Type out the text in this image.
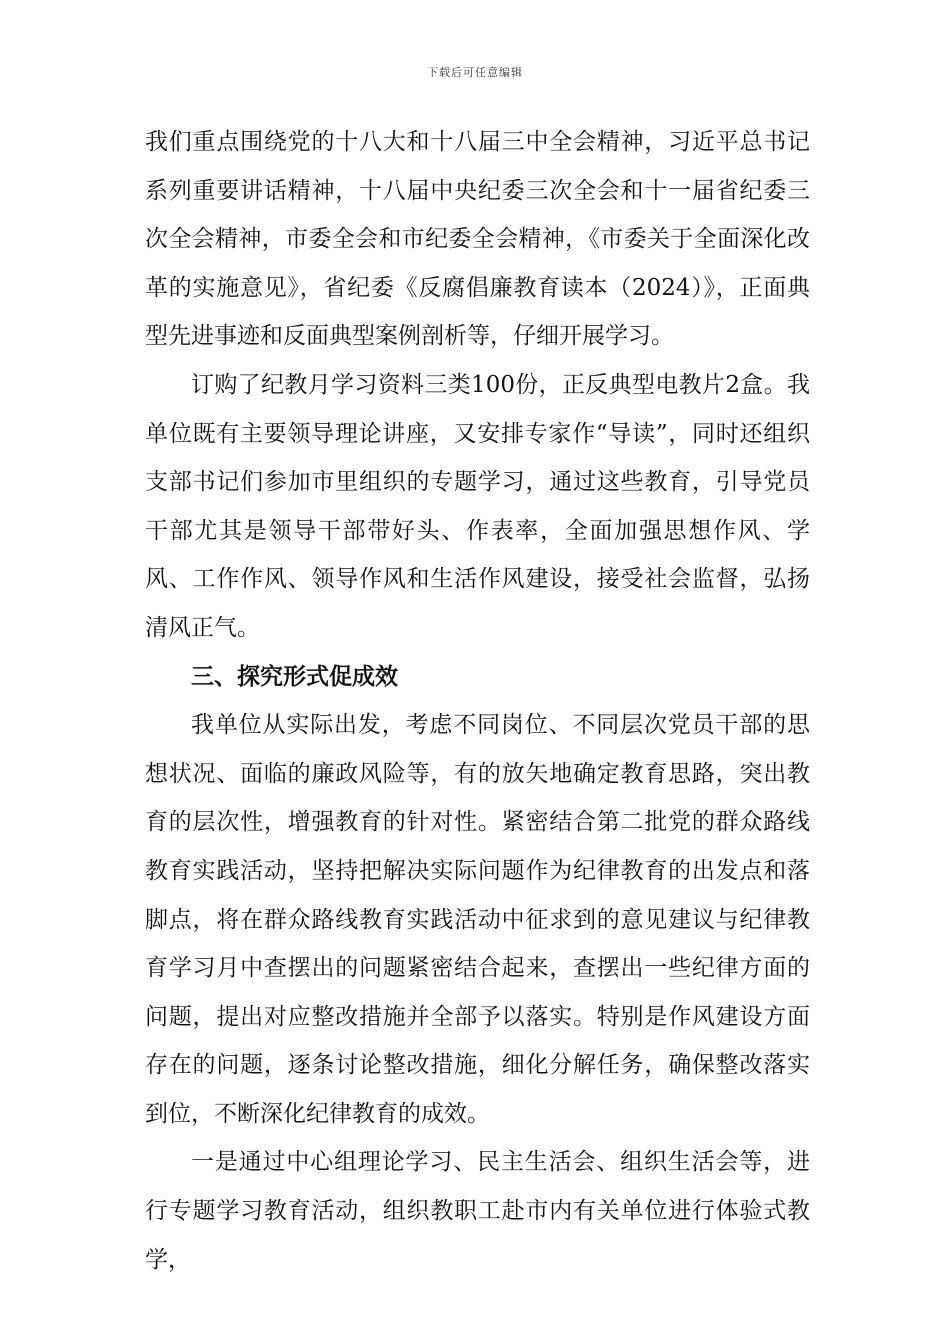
下载后可任意编辑

我们重点围绕党的十八大和十八届三中全会精神，习近平总书记系列重要讲话精神，十八届中央纪委三次全会和十一届省纪委三次全会精神，市委全会和市纪委全会精神，《市委关于全面深化改革的实施意见》，省纪委《反腐倡廉教育读本（2024）》，正面典型先进事迹和反面典型案例剖析等，仔细开展学习。

订购了纪教月学习资料三类100份，正反典型电教片2盒。我单位既有主要领导理论讲座，又安排专家作“导读”，同时还组织支部书记们参加市里组织的专题学习，通过这些教育，引导党员干部尤其是领导干部带好头、作表率，全面加强思想作风、学风、工作作风、领导作风和生活作风建设，接受社会监督，弘扬清风正气。

三、探究形式促成效

我单位从实际出发，考虑不同岗位、不同层次党员干部的思想状况、面临的廉政风险等，有的放矢地确定教育思路，突出教育的层次性，增强教育的针对性。紧密结合第二批党的群众路线教育实践活动，坚持把解决实际问题作为纪律教育的出发点和落脚点，将在群众路线教育实践活动中征求到的意见建议与纪律教育学习月中查摆出的问题紧密结合起来，查摆出一些纪律方面的问题，提出对应整改措施并全部予以落实。特别是作风建设方面存在的问题，逐条讨论整改措施，细化分解任务，确保整改落实到位，不断深化纪律教育的成效。

一是通过中心组理论学习、民主生活会、组织生活会等，进行专题学习教育活动，组织教职工赴市内有关单位进行体验式教学，
